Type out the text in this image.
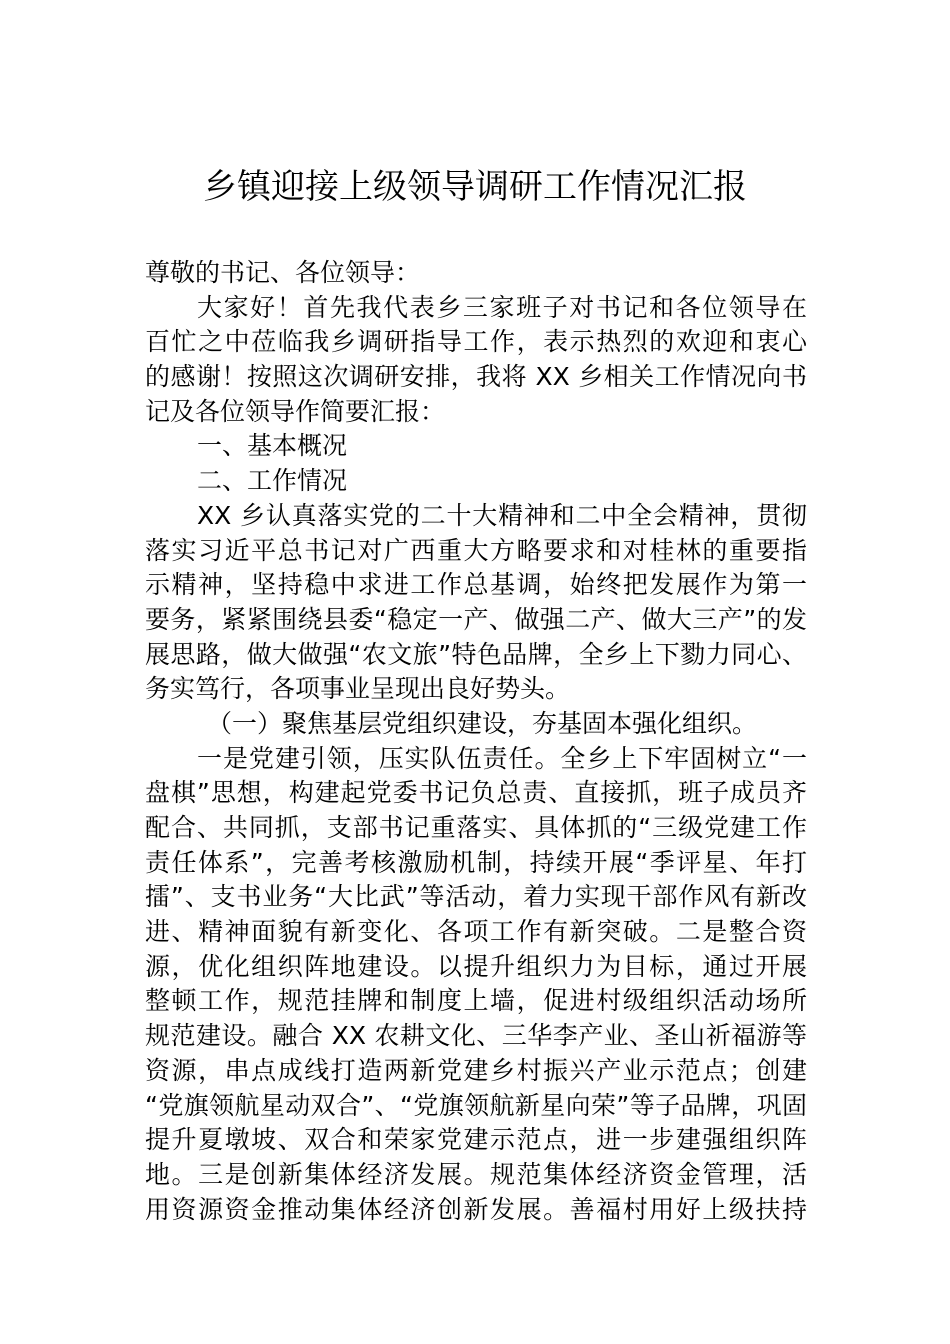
乡镇迎接上级领导调研工作情况汇报
尊敬的书记、各位领导：
大家好！首先我代表乡三家班子对书记和各位领导在
百忙之中莅临我乡调研指导工作，表示热烈的欢迎和衷心
的感谢！按照这次调研安排，我将 XX 乡相关工作情况向书
记及各位领导作简要汇报：
一、基本概况
二、工作情况
XX 乡认真落实党的二十大精神和二中全会精神，贯彻
落实习近平总书记对广西重大方略要求和对桂林的重要指
示精神，坚持稳中求进工作总基调，始终把发展作为第一
要务，紧紧围绕县委“稳定一产、做强二产、做大三产”的发
展思路，做大做强“农文旅”特色品牌，全乡上下勠力同心、
务实笃行，各项事业呈现出良好势头。
（一）聚焦基层党组织建设，夯基固本强化组织。
一是党建引领，压实队伍责任。全乡上下牢固树立“一
盘棋”思想，构建起党委书记负总责、直接抓，班子成员齐
配合、共同抓，支部书记重落实、具体抓的“三级党建工作
责任体系”，完善考核激励机制，持续开展“季评星、年打
擂”、支书业务“大比武”等活动，着力实现干部作风有新改
进、精神面貌有新变化、各项工作有新突破。二是整合资
源，优化组织阵地建设。以提升组织力为目标，通过开展
整顿工作，规范挂牌和制度上墙，促进村级组织活动场所
规范建设。融合 XX 农耕文化、三华李产业、圣山祈福游等
资源，串点成线打造两新党建乡村振兴产业示范点；创建
“党旗领航星动双合”、“党旗领航新星向荣”等子品牌，巩固
提升夏墩坡、双合和荣家党建示范点，进一步建强组织阵
地。三是创新集体经济发展。规范集体经济资金管理，活
用资源资金推动集体经济创新发展。善福村用好上级扶持
